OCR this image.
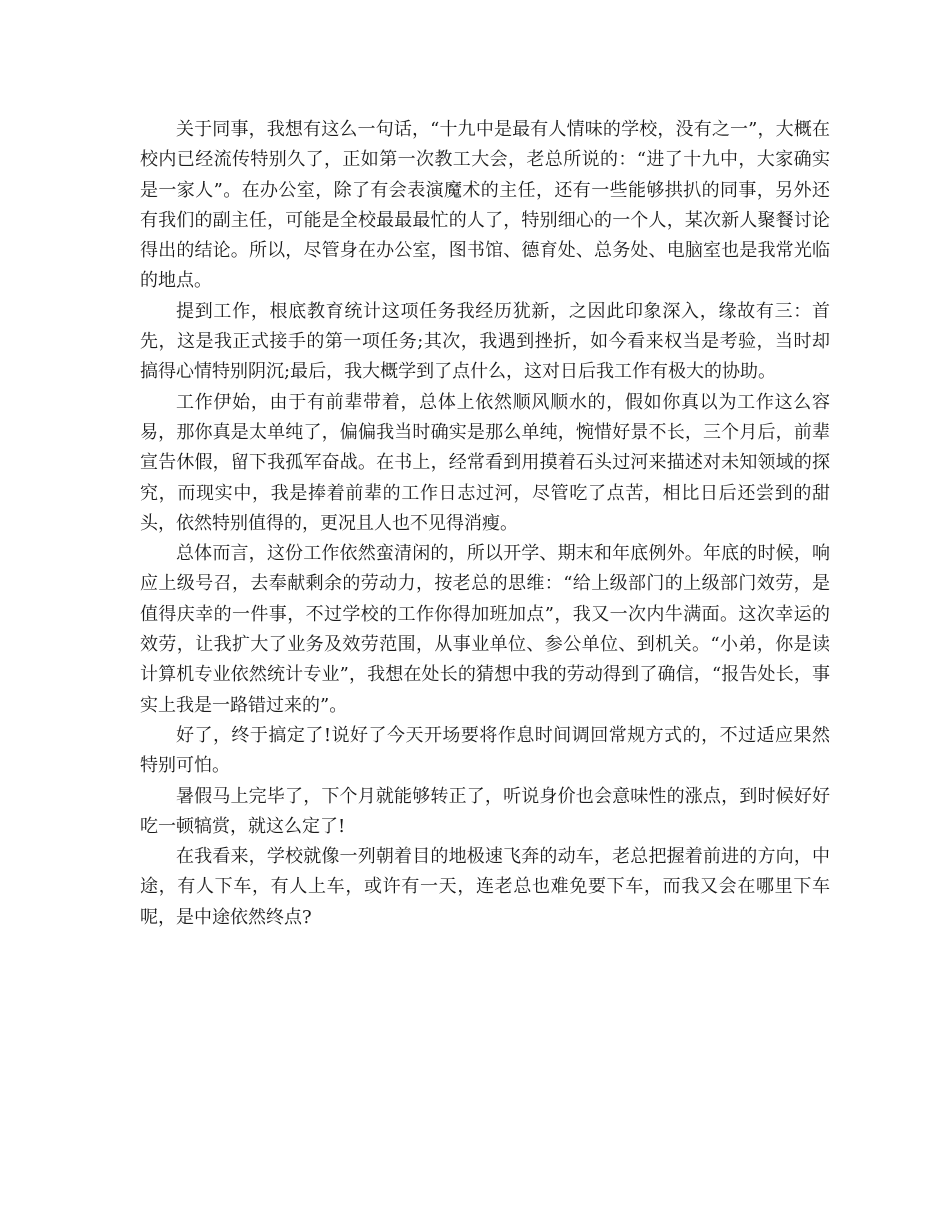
关于同事，我想有这么一句话，“十九中是最有人情味的学校，没有之一”，大概在校内已经流传特别久了，正如第一次教工大会，老总所说的：“进了十九中，大家确实是一家人”。在办公室，除了有会表演魔术的主任，还有一些能够拱扒的同事，另外还有我们的副主任，可能是全校最最最忙的人了，特别细心的一个人，某次新人聚餐讨论得出的结论。所以，尽管身在办公室，图书馆、德育处、总务处、电脑室也是我常光临的地点。

提到工作，根底教育统计这项任务我经历犹新，之因此印象深入，缘故有三：首先，这是我正式接手的第一项任务;其次，我遇到挫折，如今看来权当是考验，当时却搞得心情特别阴沉;最后，我大概学到了点什么，这对日后我工作有极大的协助。

工作伊始，由于有前辈带着，总体上依然顺风顺水的，假如你真以为工作这么容易，那你真是太单纯了，偏偏我当时确实是那么单纯，惋惜好景不长，三个月后，前辈宣告休假，留下我孤军奋战。在书上，经常看到用摸着石头过河来描述对未知领域的探究，而现实中，我是捧着前辈的工作日志过河，尽管吃了点苦，相比日后还尝到的甜头，依然特别值得的，更况且人也不见得消瘦。

总体而言，这份工作依然蛮清闲的，所以开学、期末和年底例外。年底的时候，响应上级号召，去奉献剩余的劳动力，按老总的思维：“给上级部门的上级部门效劳，是值得庆幸的一件事，不过学校的工作你得加班加点”，我又一次内牛满面。这次幸运的效劳，让我扩大了业务及效劳范围，从事业单位、参公单位、到机关。“小弟，你是读计算机专业依然统计专业”，我想在处长的猜想中我的劳动得到了确信，“报告处长，事实上我是一路错过来的”。

好了，终于搞定了!说好了今天开场要将作息时间调回常规方式的，不过适应果然特别可怕。

暑假马上完毕了，下个月就能够转正了，听说身价也会意味性的涨点，到时候好好吃一顿犒赏，就这么定了!

在我看来，学校就像一列朝着目的地极速飞奔的动车，老总把握着前进的方向，中途，有人下车，有人上车，或许有一天，连老总也难免要下车，而我又会在哪里下车呢，是中途依然终点?
